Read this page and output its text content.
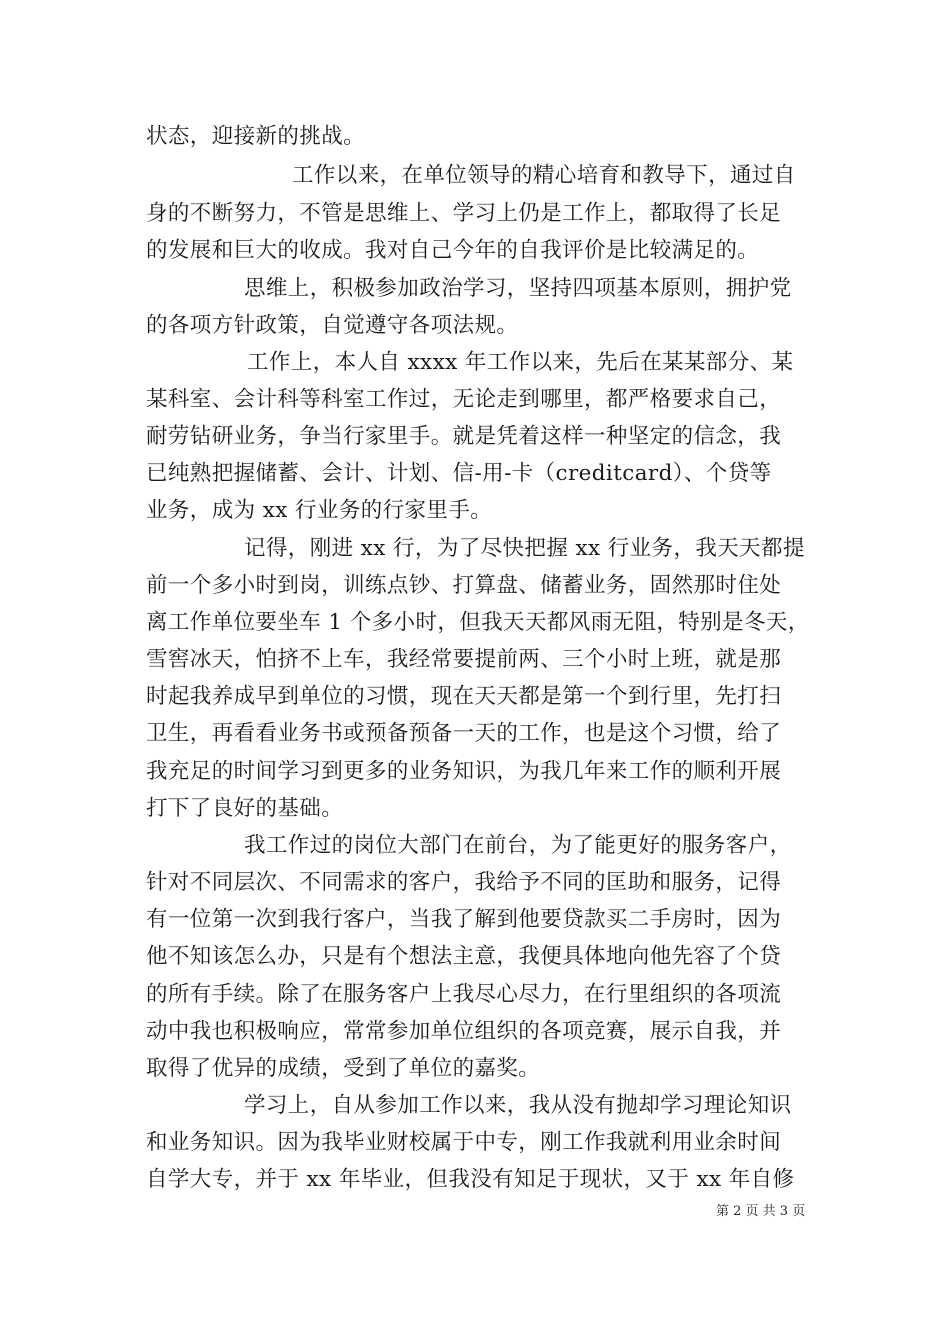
状态，迎接新的挑战。
工作以来，在单位领导的精心培育和教导下，通过自
身的不断努力，不管是思维上、学习上仍是工作上，都取得了长足
的发展和巨大的收成。我对自己今年的自我评价是比较满足的。
思维上，积极参加政治学习，坚持四项基本原则，拥护党
的各项方针政策，自觉遵守各项法规。
工作上，本人自 xxxx 年工作以来，先后在某某部分、某
某科室、会计科等科室工作过，无论走到哪里，都严格要求自己，
耐劳钻研业务，争当行家里手。就是凭着这样一种坚定的信念，我
已纯熟把握储蓄、会计、计划、信-用-卡（creditcard）、个贷等
业务，成为 xx 行业务的行家里手。
记得，刚进 xx 行，为了尽快把握 xx 行业务，我天天都提
前一个多小时到岗，训练点钞、打算盘、储蓄业务，固然那时住处
离工作单位要坐车 1 个多小时，但我天天都风雨无阻，特别是冬天，
雪窖冰天，怕挤不上车，我经常要提前两、三个小时上班，就是那
时起我养成早到单位的习惯，现在天天都是第一个到行里，先打扫
卫生，再看看业务书或预备预备一天的工作，也是这个习惯，给了
我充足的时间学习到更多的业务知识，为我几年来工作的顺利开展
打下了良好的基础。
我工作过的岗位大部门在前台，为了能更好的服务客户，
针对不同层次、不同需求的客户，我给予不同的匡助和服务，记得
有一位第一次到我行客户，当我了解到他要贷款买二手房时，因为
他不知该怎么办，只是有个想法主意，我便具体地向他先容了个贷
的所有手续。除了在服务客户上我尽心尽力，在行里组织的各项流
动中我也积极响应，常常参加单位组织的各项竞赛，展示自我，并
取得了优异的成绩，受到了单位的嘉奖。
学习上，自从参加工作以来，我从没有抛却学习理论知识
和业务知识。因为我毕业财校属于中专，刚工作我就利用业余时间
自学大专，并于 xx 年毕业，但我没有知足于现状，又于 xx 年自修
第 2 页 共 3 页
